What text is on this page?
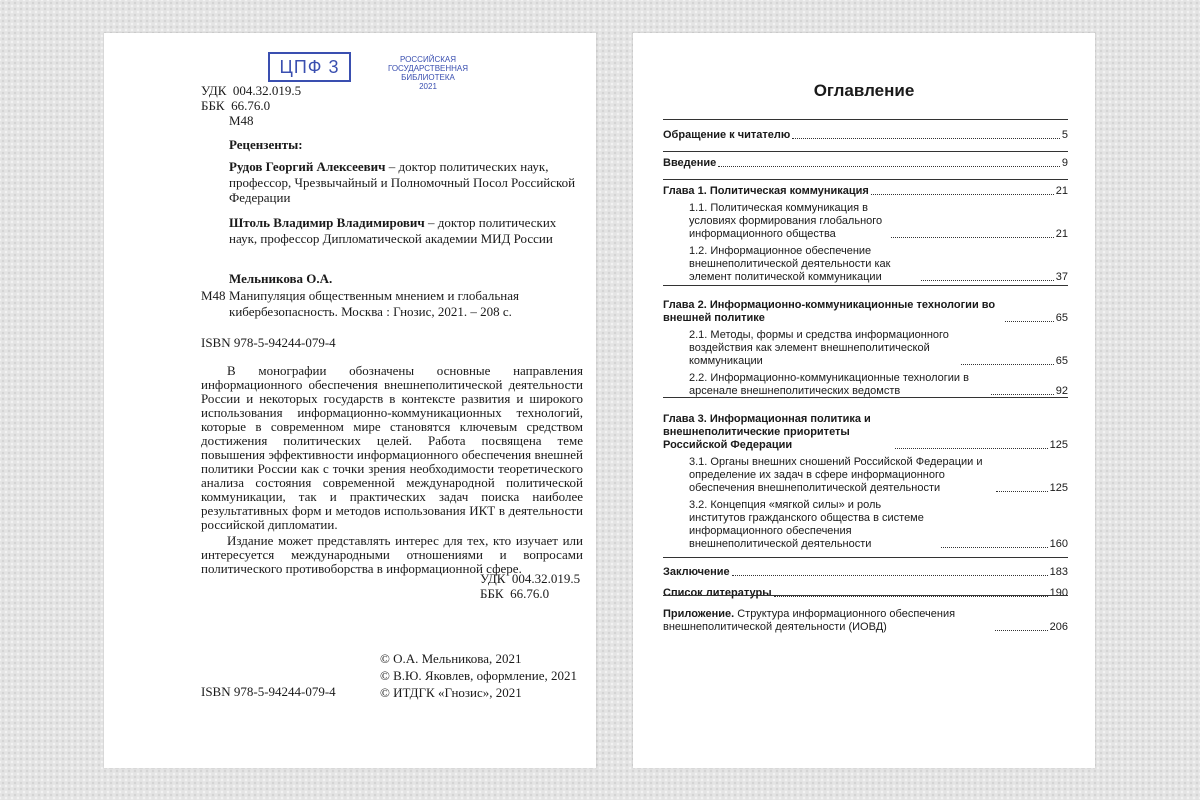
ЦПФ 3	РОССИЙСКАЯ
ГОСУДАРСТВЕННАЯ
БИБЛИОТЕКА
2021
УДК  004.32.019.5
ББК  66.76.0
М48
Рецензенты:
Рудов Георгий Алексеевич – доктор политических наук, профессор, Чрезвычайный и Полномочный Посол Российской Федерации
Штоль Владимир Владимирович – доктор политических наук, профессор Дипломатической академии МИД России
Мельникова О.А.
М48 Манипуляция общественным мнением и глобальная кибербезопасность. Москва : Гнозис, 2021. – 208 с.
ISBN 978-5-94244-079-4

В монографии обозначены основные направления информационного обеспечения внешнеполитической деятельности России и некоторых государств в контексте развития и широкого использования информационно-коммуникационных технологий, которые в современном мире становятся ключевым средством достижения политических целей. Работа посвящена теме повышения эффективности информационного обеспечения внешней политики России как с точки зрения необходимости теоретического анализа состояния современной международной политической коммуникации, так и практических задач поиска наиболее результативных форм и методов использования ИКТ в деятельности российской дипломатии.

Издание может представлять интерес для тех, кто изучает или интересуется международными отношениями и вопросами политического противоборства в информационной сфере.

УДК  004.32.019.5
ББК  66.76.0
© О.А. Мельникова, 2021
© В.Ю. Яковлев, оформление, 2021
© ИТДГК «Гнозис», 2021
ISBN 978-5-94244-079-4
Оглавление
Обращение к читателю	5
Введение	9
Глава 1. Политическая коммуникация	21
1.1. Политическая коммуникация в условиях формирования глобального информационного общества	21
1.2. Информационное обеспечение внешнеполитической деятельности как элемент политической коммуникации	37
Глава 2. Информационно-коммуникационные технологии во внешней политике	65
2.1. Методы, формы и средства информационного воздействия как элемент внешнеполитической коммуникации	65
2.2. Информационно-коммуникационные технологии в арсенале внешнеполитических ведомств	92
Глава 3. Информационная политика и внешнеполитические приоритеты Российской Федерации	125
3.1. Органы внешних сношений Российской Федерации и определение их задач в сфере информационного обеспечения внешнеполитической деятельности	125
3.2. Концепция «мягкой силы» и роль институтов гражданского общества в системе информационного обеспечения внешнеполитической деятельности	160
Заключение	183
Список литературы	190
Приложение. Структура информационного обеспечения внешнеполитической деятельности (ИОВД)	206
